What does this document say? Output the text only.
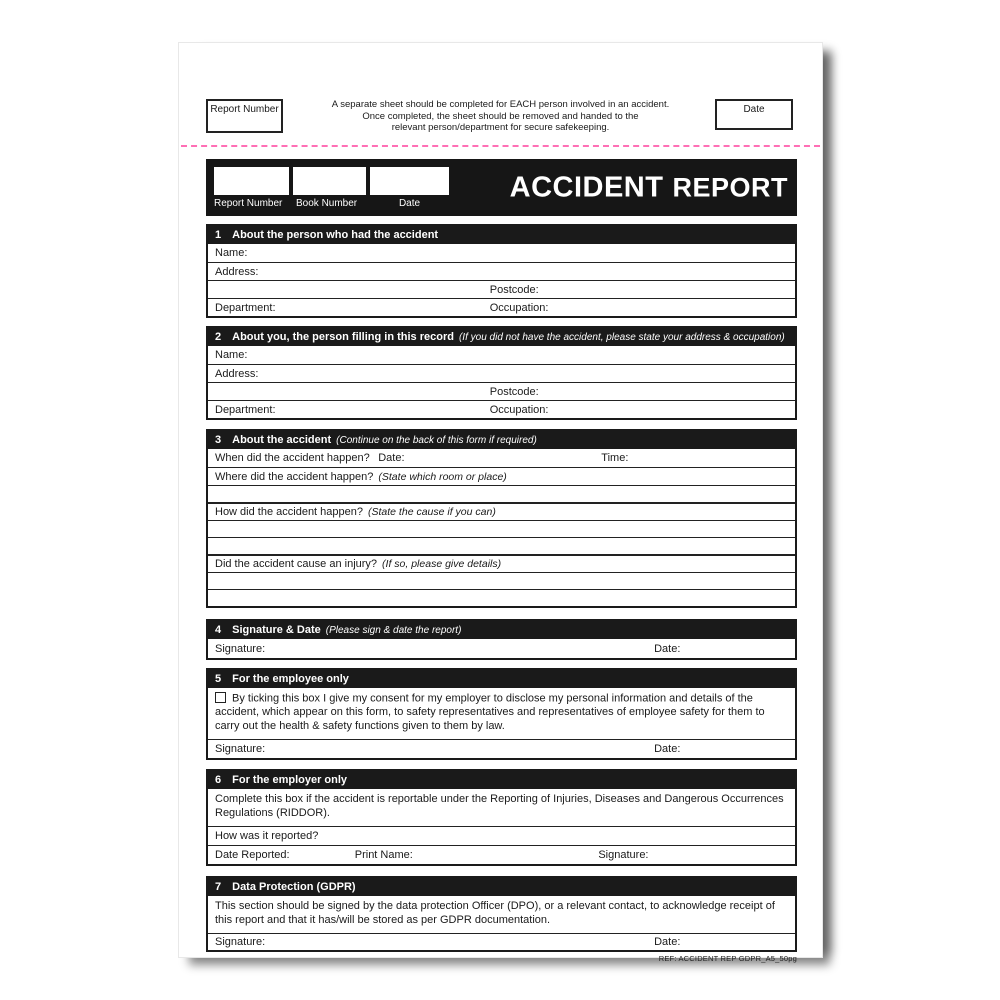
Report Number	A separate sheet should be completed for EACH person involved in an accident.
Once completed, the sheet should be removed and handed to the
relevant person/department for secure safekeeping.
Date
Report Number Book Number	Date
ACCIDENT REPORT
1 About the person who had the accident
Name:
Address:
Postcode:
Department:	Occupation:
2 About you, the person filling in this record (If you did not have the accident, please state your address & occupation)
Name:
Address:
Postcode:
Department:	Occupation:
3 About the accident (Continue on the back of this form if required)
When did the accident happen? Date:	Time:
Where did the accident happen? (State which room or place)
How did the accident happen? (State the cause if you can)
Did the accident cause an injury? (If so, please give details)
4 Signature & Date (Please sign & date the report)
Signature:	Date:
5 For the employee only
By ticking this box I give my consent for my employer to disclose my personal information and details of the accident, which appear on this form, to safety representatives and representatives of employee safety for them to carry out the health & safety functions given to them by law.
Signature:	Date:
6 For the employer only
Complete this box if the accident is reportable under the Reporting of Injuries, Diseases and Dangerous Occurrences Regulations (RIDDOR).
How was it reported?
Date Reported:	Print Name:	Signature:
7 Data Protection (GDPR)
This section should be signed by the data protection Officer (DPO), or a relevant contact, to acknowledge receipt of this report and that it has/will be stored as per GDPR documentation.
Signature:	Date:
REF: ACCIDENT REP GDPR_A5_50pg
